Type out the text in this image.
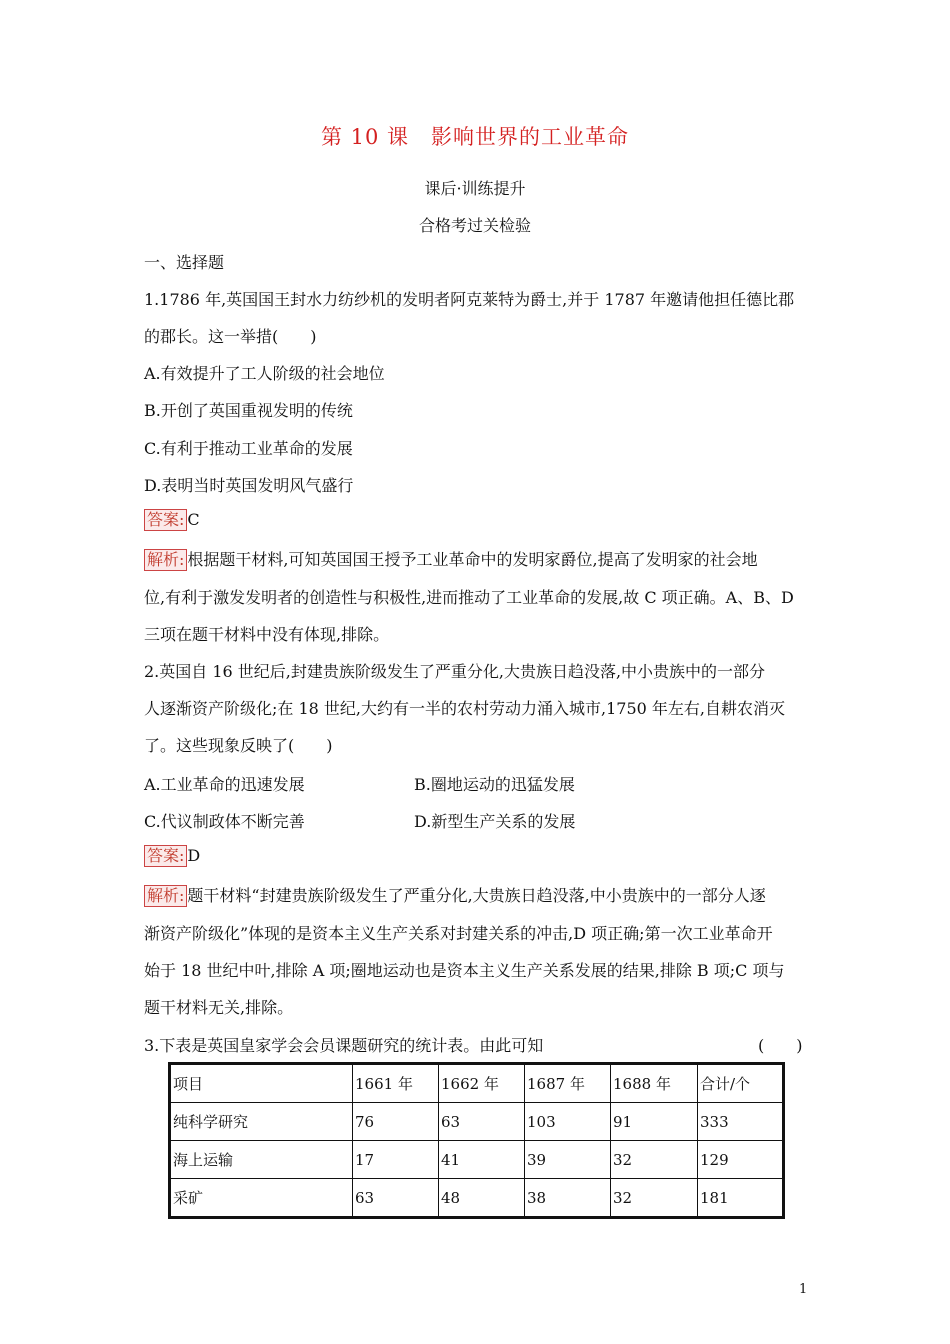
第 10 课　影响世界的工业革命
课后·训练提升
合格考过关检验
一、选择题
1.1786 年,英国国王封水力纺纱机的发明者阿克莱特为爵士,并于 1787 年邀请他担任德比郡
的郡长。这一举措(　　)
A.有效提升了工人阶级的社会地位
B.开创了英国重视发明的传统
C.有利于推动工业革命的发展
D.表明当时英国发明风气盛行
答案: C
解析: 根据题干材料,可知英国国王授予工业革命中的发明家爵位,提高了发明家的社会地
位,有利于激发发明者的创造性与积极性,进而推动了工业革命的发展,故 C 项正确。A、B、D
三项在题干材料中没有体现,排除。
2.英国自 16 世纪后,封建贵族阶级发生了严重分化,大贵族日趋没落,中小贵族中的一部分
人逐渐资产阶级化;在 18 世纪,大约有一半的农村劳动力涌入城市,1750 年左右,自耕农消灭
了。这些现象反映了(　　)
A.工业革命的迅速发展	B.圈地运动的迅猛发展
C.代议制政体不断完善	D.新型生产关系的发展
答案: D
解析: 题干材料“封建贵族阶级发生了严重分化,大贵族日趋没落,中小贵族中的一部分人逐
渐资产阶级化”体现的是资本主义生产关系对封建关系的冲击,D 项正确;第一次工业革命开
始于 18 世纪中叶,排除 A 项;圈地运动也是资本主义生产关系发展的结果,排除 B 项;C 项与
题干材料无关,排除。
3.下表是英国皇家学会会员课题研究的统计表。由此可知	(　　)
项目	1661 年	1662 年	1687 年	1688 年	合计/个
纯科学研究	76	63	103	91	333
海上运输	17	41	39	32	129
采矿	63	48	38	32	181
1
